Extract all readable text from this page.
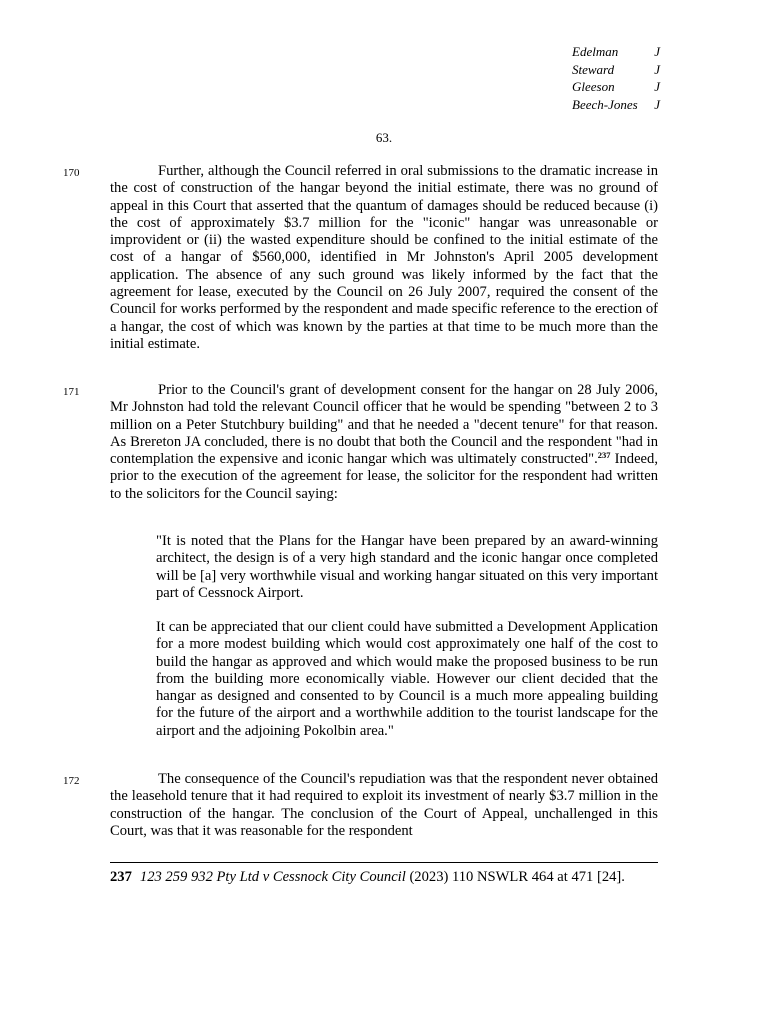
Edelman	J
Steward	J
Gleeson	J
Beech-Jones	J
63.
170	Further, although the Council referred in oral submissions to the dramatic increase in the cost of construction of the hangar beyond the initial estimate, there was no ground of appeal in this Court that asserted that the quantum of damages should be reduced because (i) the cost of approximately $3.7 million for the "iconic" hangar was unreasonable or improvident or (ii) the wasted expenditure should be confined to the initial estimate of the cost of a hangar of $560,000, identified in Mr Johnston's April 2005 development application. The absence of any such ground was likely informed by the fact that the agreement for lease, executed by the Council on 26 July 2007, required the consent of the Council for works performed by the respondent and made specific reference to the erection of a hangar, the cost of which was known by the parties at that time to be much more than the initial estimate.

171	Prior to the Council's grant of development consent for the hangar on 28 July 2006, Mr Johnston had told the relevant Council officer that he would be spending "between 2 to 3 million on a Peter Stutchbury building" and that he needed a "decent tenure" for that reason. As Brereton JA concluded, there is no doubt that both the Council and the respondent "had in contemplation the expensive and iconic hangar which was ultimately constructed".$^{237}$ Indeed, prior to the execution of the agreement for lease, the solicitor for the respondent had written to the solicitors for the Council saying:

"It is noted that the Plans for the Hangar have been prepared by an award-winning architect, the design is of a very high standard and the iconic hangar once completed will be [a] very worthwhile visual and working hangar situated on this very important part of Cessnock Airport.

It can be appreciated that our client could have submitted a Development Application for a more modest building which would cost approximately one half of the cost to build the hangar as approved and which would make the proposed business to be run from the building more economically viable. However our client decided that the hangar as designed and consented to by Council is a much more appealing building for the future of the airport and a worthwhile addition to the tourist landscape for the airport and the adjoining Pokolbin area."

172	The consequence of the Council's repudiation was that the respondent never obtained the leasehold tenure that it had required to exploit its investment of nearly $3.7 million in the construction of the hangar. The conclusion of the Court of Appeal, unchallenged in this Court, was that it was reasonable for the respondent

237 123 259 932 Pty Ltd v Cessnock City Council (2023) 110 NSWLR 464 at 471 [24].
